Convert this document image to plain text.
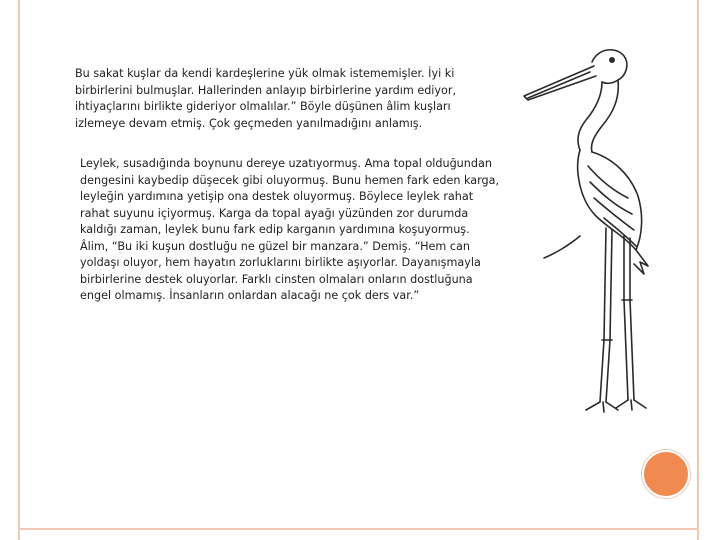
Bu sakat kuşlar da kendi kardeşlerine yük olmak istememişler. İyi ki
birbirlerini bulmuşlar. Hallerinden anlayıp birbirlerine yardım ediyor,
ihtiyaçlarını birlikte gideriyor olmalılar.” Böyle düşünen âlim kuşları
izlemeye devam etmiş. Çok geçmeden yanılmadığını anlamış.

Leylek, susadığında boynunu dereye uzatıyormuş. Ama topal olduğundan
dengesini kaybedip düşecek gibi oluyormuş. Bunu hemen fark eden karga,
leyleğin yardımına yetişip ona destek oluyormuş. Böylece leylek rahat
rahat suyunu içiyormuş. Karga da topal ayağı yüzünden zor durumda
kaldığı zaman, leylek bunu fark edip karganın yardımına koşuyormuş.
Âlim, “Bu iki kuşun dostluğu ne güzel bir manzara.” Demiş. “Hem can
yoldaşı oluyor, hem hayatın zorluklarını birlikte aşıyorlar. Dayanışmayla
birbirlerine destek oluyorlar. Farklı cinsten olmaları onların dostluğuna
engel olmamış. İnsanların onlardan alacağı ne çok ders var.”
